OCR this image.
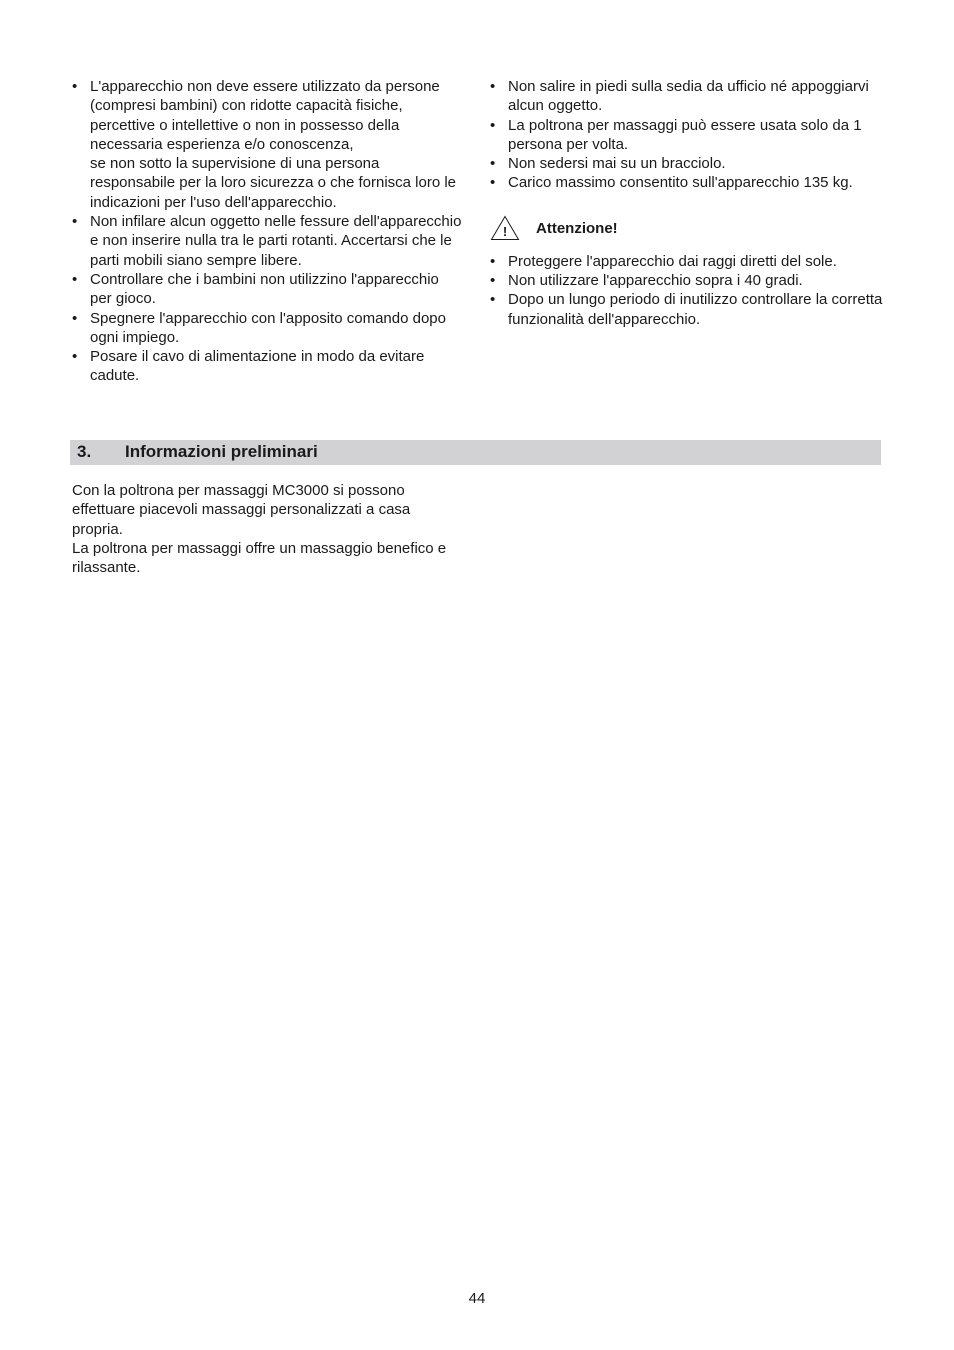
• L'apparecchio non deve essere utilizzato da persone (compresi bambini) con ridotte capacità fisiche, percettive o intellettive o non in possesso della necessaria esperienza e/o conoscenza,
se non sotto la supervisione di una persona responsabile per la loro sicurezza o che fornisca loro le indicazioni per l'uso dell'apparecchio.
• Non infilare alcun oggetto nelle fessure dell'apparecchio e non inserire nulla tra le parti rotanti. Accertarsi che le parti mobili siano sempre libere.
• Controllare che i bambini non utilizzino l'apparecchio per gioco.
• Spegnere l'apparecchio con l'apposito comando dopo ogni impiego.
• Posare il cavo di alimentazione in modo da evitare cadute.
• Non salire in piedi sulla sedia da ufficio né appoggiarvi alcun oggetto.
• La poltrona per massaggi può essere usata solo da 1 persona per volta.
• Non sedersi mai su un bracciolo.
• Carico massimo consentito sull'apparecchio 135 kg.
! Attenzione!
• Proteggere l'apparecchio dai raggi diretti del sole.
• Non utilizzare l'apparecchio sopra i 40 gradi.
• Dopo un lungo periodo di inutilizzo controllare la corretta funzionalità dell'apparecchio.
3. Informazioni preliminari

Con la poltrona per massaggi MC3000 si possono effettuare piacevoli massaggi personalizzati a casa propria.

La poltrona per massaggi offre un massaggio benefico e rilassante.

44
